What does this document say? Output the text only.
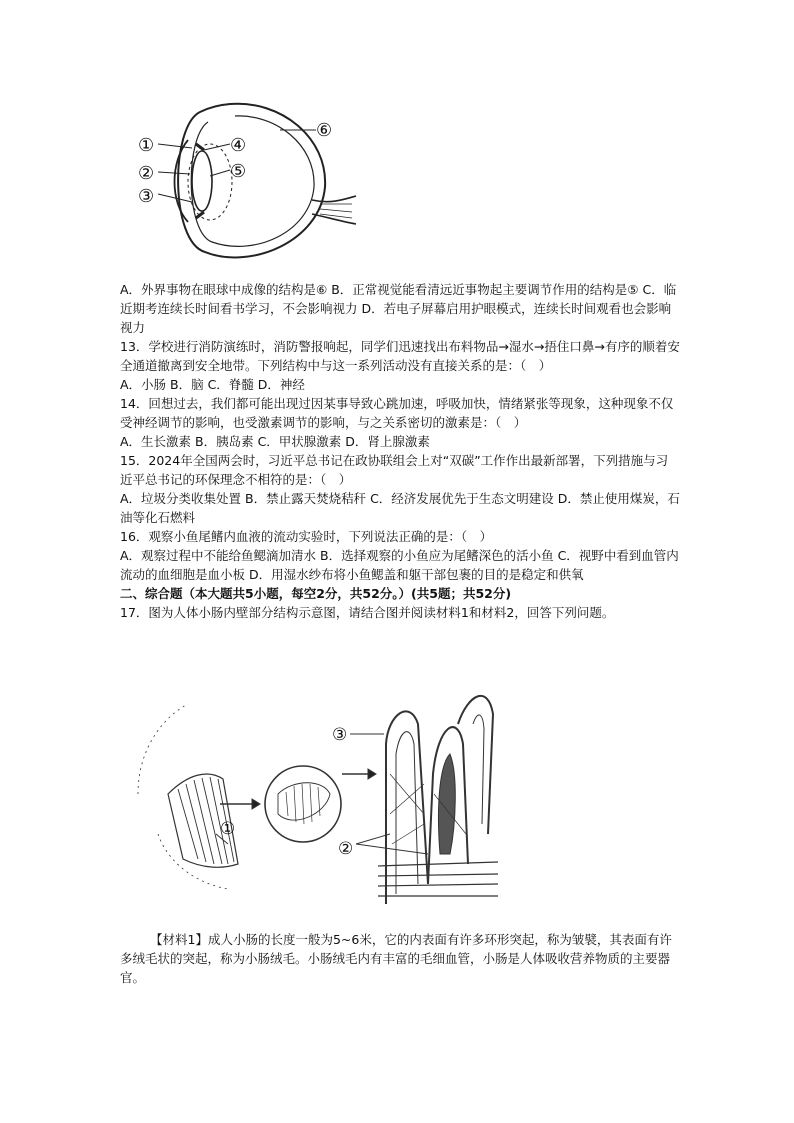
①
②
③
④
⑤
⑥

A．外界事物在眼球中成像的结构是⑥ B．正常视觉能看清远近事物起主要调节作用的结构是⑤ C．临近期考连续长时间看书学习，不会影响视力 D．若电子屏幕启用护眼模式，连续长时间观看也会影响视力

13．学校进行消防演练时，消防警报响起，同学们迅速找出布料物品→湿水→捂住口鼻→有序的顺着安全通道撤离到安全地带。下列结构中与这一系列活动没有直接关系的是：（　）

A．小肠 B．脑 C．脊髓 D．神经

14．回想过去，我们都可能出现过因某事导致心跳加速，呼吸加快，情绪紧张等现象，这种现象不仅受神经调节的影响，也受激素调节的影响，与之关系密切的激素是：（　）

A．生长激素 B．胰岛素 C．甲状腺激素 D．肾上腺激素

15．2024年全国两会时，习近平总书记在政协联组会上对“双碳”工作作出最新部署，下列措施与习近平总书记的环保理念不相符的是：（　）

A．垃圾分类收集处置 B．禁止露天焚烧秸秆 C．经济发展优先于生态文明建设 D．禁止使用煤炭，石油等化石燃料

16．观察小鱼尾鳍内血液的流动实验时，下列说法正确的是：（　）

A．观察过程中不能给鱼鳃滴加清水 B．选择观察的小鱼应为尾鳍深色的活小鱼 C．视野中看到血管内流动的血细胞是血小板 D．用湿水纱布将小鱼鳃盖和躯干部包裹的目的是稳定和供氧

二、综合题（本大题共5小题，每空2分，共52分。）(共5题；共52分)

17．图为人体小肠内壁部分结构示意图，请结合图并阅读材料1和材料2，回答下列问题。

①
②
③

【材料1】成人小肠的长度一般为5~6米，它的内表面有许多环形突起，称为皱襞，其表面有许多绒毛状的突起，称为小肠绒毛。小肠绒毛内有丰富的毛细血管，小肠是人体吸收营养物质的主要器官。
